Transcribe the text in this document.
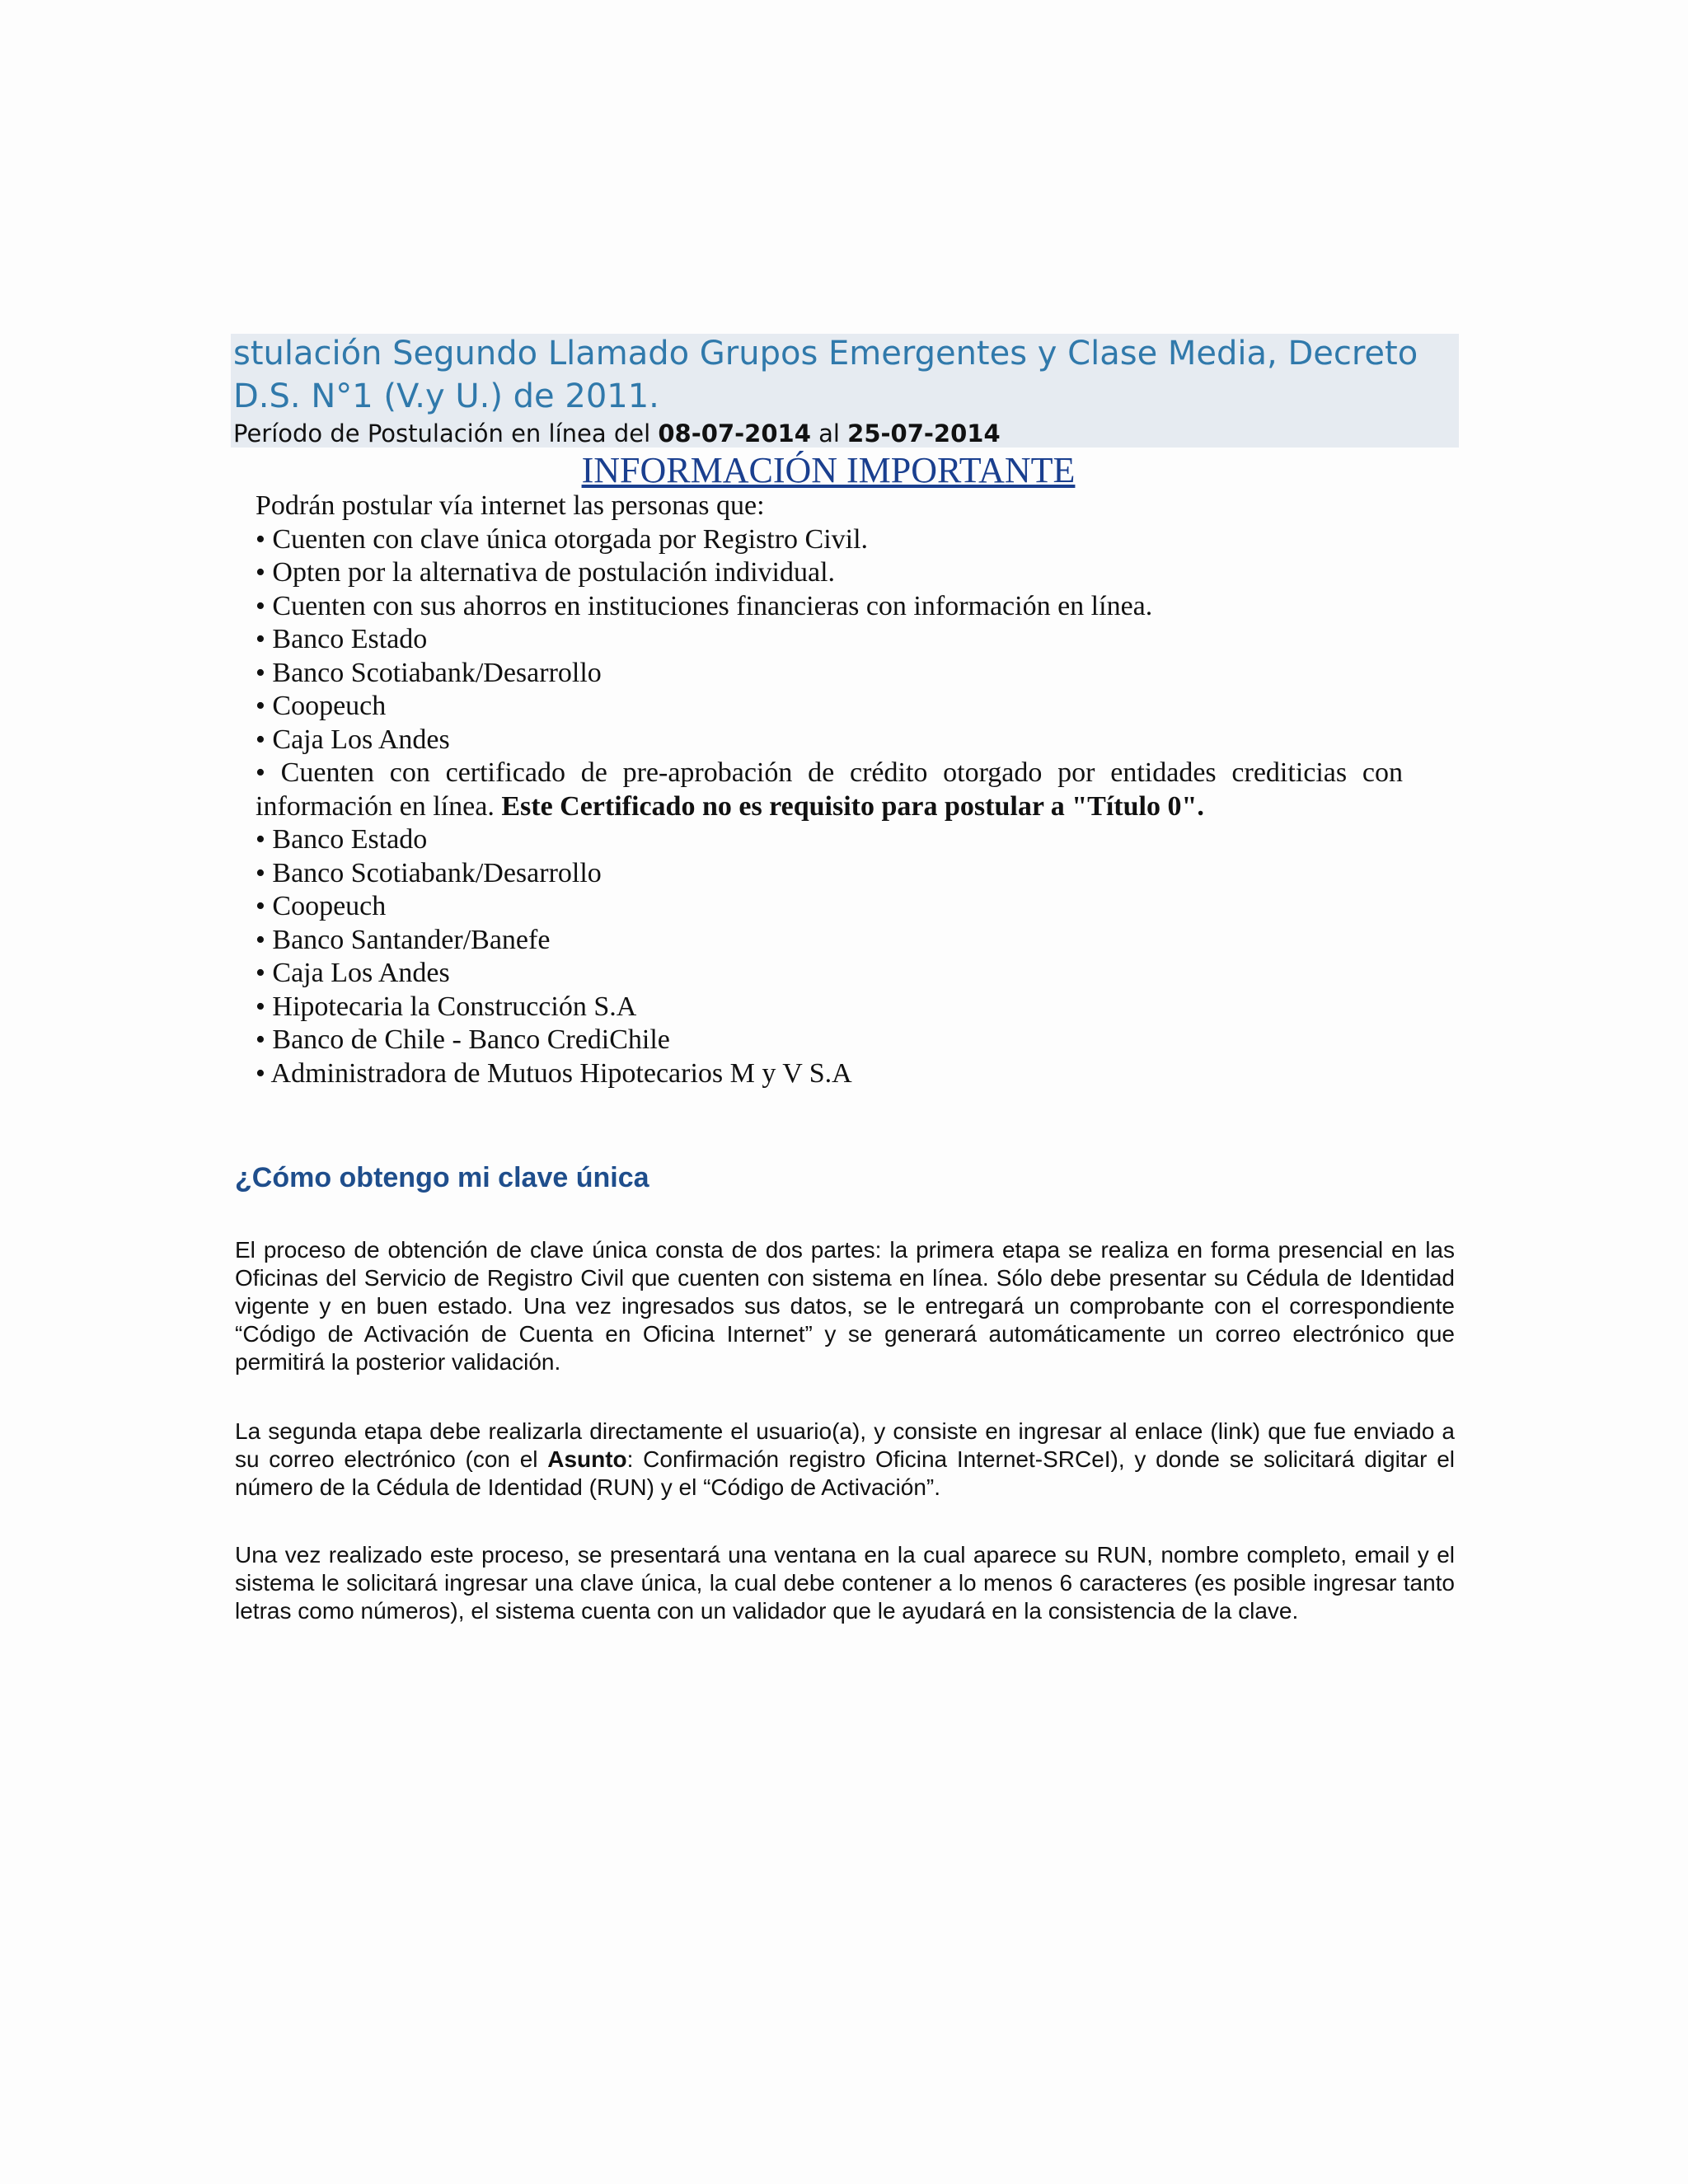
stulación Segundo Llamado Grupos Emergentes y Clase Media, Decreto D.S. N°1 (V.y U.) de 2011.
Período de Postulación en línea del 08-07-2014 al 25-07-2014
INFORMACIÓN IMPORTANTE
Podrán postular vía internet las personas que:
• Cuenten con clave única otorgada por Registro Civil.
• Opten por la alternativa de postulación individual.
• Cuenten con sus ahorros en instituciones financieras con información en línea.
• Banco Estado
• Banco Scotiabank/Desarrollo
• Coopeuch
• Caja Los Andes
• Cuenten con certificado de pre-aprobación de crédito otorgado por entidades crediticias con
información en línea. Este Certificado no es requisito para postular a "Título 0".
• Banco Estado
• Banco Scotiabank/Desarrollo
• Coopeuch
• Banco Santander/Banefe
• Caja Los Andes
• Hipotecaria la Construcción S.A
• Banco de Chile - Banco CrediChile
• Administradora de Mutuos Hipotecarios M y V S.A
¿Cómo obtengo mi clave única

El proceso de obtención de clave única consta de dos partes: la primera etapa se realiza en forma presencial en las Oficinas del Servicio de Registro Civil que cuenten con sistema en línea. Sólo debe presentar su Cédula de Identidad vigente y en buen estado. Una vez ingresados sus datos, se le entregará un comprobante con el correspondiente “Código de Activación de Cuenta en Oficina Internet” y se generará automáticamente un correo electrónico que permitirá la posterior validación.

La segunda etapa debe realizarla directamente el usuario(a), y consiste en ingresar al enlace (link) que fue enviado a su correo electrónico (con el Asunto: Confirmación registro Oficina Internet-SRCeI), y donde se solicitará digitar el número de la Cédula de Identidad (RUN) y el “Código de Activación”.

Una vez realizado este proceso, se presentará una ventana en la cual aparece su RUN, nombre completo, email y el sistema le solicitará ingresar una clave única, la cual debe contener a lo menos 6 caracteres (es posible ingresar tanto letras como números), el sistema cuenta con un validador que le ayudará en la consistencia de la clave.
